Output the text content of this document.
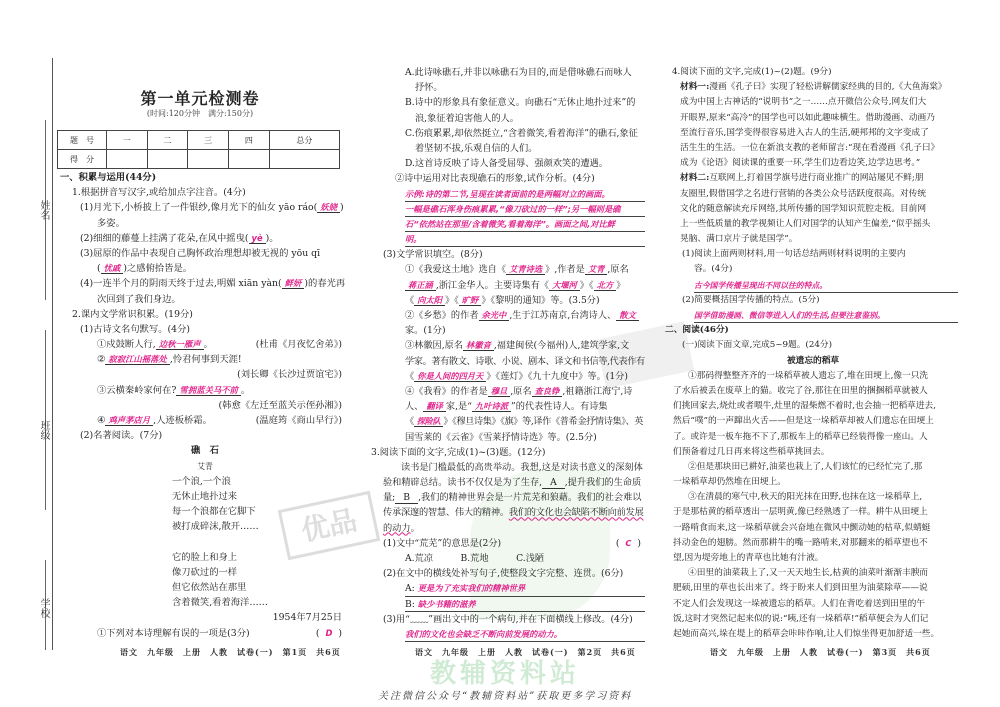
优品
姓名
班级
学校
第一单元检测卷
(时间:120分钟　满分:150分)
题　号	一	二	三	四	总分
得　分					
一、积累与运用(44分)
1.根据拼音写汉字,或给加点字注音。(4分)
(1)月光下,小桥披上了一件银纱,像月光下的仙女 yāo ráo( 妖娆 )
多姿。
(2)细细的藤蔓上挂满了花朵,在风中摇曳( yè )。
(3)屈原的作品中表现自己胸怀政治理想却被无视的 yōu qī
( 忧戚 )之感俯拾皆是。
(4)一连半个月的阴雨天终于过去,明媚 xiān yàn( 鲜妍 )的春光再
次回到了我们身边。
2.课内文学常识积累。(19分)
(1)古诗文名句默写。(4分)
①戍鼓断人行, 边秋一雁声 。	(杜甫《月夜忆舍弟》)
② 寂寂江山摇落处 ,怜君何事到天涯!
(刘长卿《长沙过贾谊宅》)
③云横秦岭家何在? 雪拥蓝关马不前 。
(韩愈《左迁至蓝关示侄孙湘》)
④ 鸡声茅店月 ,人迹板桥霜。	(温庭筠《商山早行》)
(2)名著阅读。(7分)
礁　石
艾青
一个浪,一个浪
无休止地扑过来
每一个浪都在它脚下
被打成碎沫,散开……
它的脸上和身上
像刀砍过的一样
但它依然站在那里
含着微笑,看着海洋……
1954年7月25日
①下列对本诗理解有误的一项是(3分)	( D )
A.此诗咏礁石,并非以咏礁石为目的,而是借咏礁石而咏人
抒怀。
B.诗中的形象具有象征意义。向礁石“无休止地扑过来”的
浪,象征着迫害他人的人。
C.伤痕累累,却依然挺立,“含着微笑,看着海洋”的礁石,象征
着坚韧不拔,乐观自信的人们。
D.这首诗反映了诗人备受屈辱、强颜欢笑的遭遇。
②诗中运用对比表现礁石的形象,试作分析。(4分)
示例:诗的第二节,呈现在读者面前的是两幅对立的画面。
一幅是礁石浑身伤痕累累,“像刀砍过的一样”;另一幅则是礁
石“依然站在那里/含着微笑,看着海洋”。画面之间,对比鲜
明。
(3)文学常识填空。(8分)
①《我爱这土地》选自《 艾青诗选 》,作者是 艾青 ,原名
蒋正涵 ,浙江金华人。主要诗集有《 大堰河 》《 北方 》
《 向太阳 》《 旷野 》《黎明的通知》等。(3.5分)
②《乡愁》的作者 余光中 ,生于江苏南京,台湾诗人、 散文
家。(1分)
③林徽因,原名 林徽音 ,福建闽侯(今福州)人,建筑学家,文
学家。著有散文、诗歌、小说、剧本、译文和书信等,代表作有
《 你是人间的四月天 》《莲灯》《九十九度中》等。(1分)
④《我看》的作者是 穆旦 ,原名 查良铮 ,祖籍浙江海宁,诗
人、 翻译 家,是“ 九叶诗派 ”的代表性诗人。有诗集
《 探险队 》《穆旦诗集》《旗》等,译作《普希金抒情诗集》、英
国雪莱的《云雀》《雪莱抒情诗选》等。(2.5分)
3.阅读下面的文字,完成(1)~(3)题。(12分)
读书是门槛最低的高贵举动。我想,这是对读书意义的深刻体
验和精辟总结。读书不仅仅是为了生存, A ,提升我们的生命质
量; B ,我们的精神世界会是一片荒芜和狼藉。我们的社会难以
传承深邃的智慧、伟大的精神。我们的文化也会缺陷不断向前发展
的动力。
(1)文中“荒芜”的意思是(2分)	( C )
A.荒凉　　　B.荒地　　　C.浅陋
(2)在文中的横线处补写句子,使整段文字完整、连贯。(6分)
A: 更是为了充实我们的精神世界
B: 缺少书籍的滋养
(3)用“﹏﹏”画出文中的一个病句,并在下面横线上修改。(4分)
我们的文化也会缺乏不断向前发展的动力。
4.阅读下面的文字,完成(1)~(2)题。(9分)
材料一:漫画《孔子曰》实现了轻松讲解儒家经典的目的,《大鱼海棠》
成为中国上古神话的“说明书”之一……点开微信公众号,网友们大
开眼界,原来“高冷”的国学也可以如此趣味横生。借助漫画、动画乃
至流行音乐,国学变得很容易进入古人的生活,硬邦邦的文字变成了
活生生的生活。一位在新浪支教的老师留言:“现在看漫画《孔子曰》
成为《论语》阅读课的重要一环,学生们边看边笑,边学边思考。”
材料二:互联网上,打着国学旗号进行商业推广的网站屡见不鲜;朋
友圈里,假借国学之名进行营销的各类公众号活跃度很高。对传统
文化的随意解读充斥网络,其所传播的国学知识荒腔走板。目前网
上一些低质量的教学视频让人们对国学的认知产生偏差,“似乎摇头
晃脑、满口京片子就是国学”。
(1)阅读上面两则材料,用一句话总结两则材料说明的主要内
容。(4分)
古今国学传播呈现出不同以往的特点。
(2)简要概括国学传播的特点。(5分)
国学借助漫画、微信等进入人们的生活,但要注意鉴别。
二、阅读(46分)
(一)阅读下面文章,完成5~9题。(24分)
被遗忘的稻草
①那码得整整齐齐的一垛稻草被人遗忘了,堆在田埂上,像一只洗
了水后被丢在废草上的猫。收完了谷,那往在田里的捆捆稻草就被人
们挑回家去,烧灶或者喂牛,灶里的湿柴燃不着时,也会抽一把稻草进去,
然后“噗”的一声蹿出火舌——但是这一垛稻草却被人们遗忘在田埂上
了。或许是一板车拖不下了,那板车上的稻草已经装得像一座山。人
们预备着过几日再来将这些稻草挑回去。
②但是那块田已耕好,油菜也栽上了,人们该忙的已经忙完了,那
一垛稻草却仍然堆在田埂上。
③在清晨的寒气中,秋天的阳光抹在田野,也抹在这一垛稻草上,
于是那枯黄的稻草透出一层明黄,像已经熟透了一样。耕牛从田埂上
一路啃食而来,这一垛稻草就会兴奋地在微风中颤动她的枯草,似蜻蜓
抖动金色的翅膀。然而那耕牛的嘴一路啃来,对那翻来的稻草望也不
望,因为堤旁地上的青草也比她有汁液。
④田里的油菜栽上了,又一天天地生长,枯黄的油菜叶渐渐丰腴而
肥硕,田里的草也长出来了。终于盼来人们到田里为油菜除草——说
不定人们会发现这一垛被遗忘的稻草。人们在背吃着送到田里的午
饭,这时才突然记起来似的说:“咦,还有一垛稻草!”稻草便会为人们记
起她而高兴,垛在堤上的稻草会咔咔作响,让人们惊坐得更加舒适一些。
语文　九年级　上册　人教　试卷(一)　第1页　共6页	语文　九年级　上册　人教　试卷(一)　第2页　共6页	语文　九年级　上册　人教　试卷(一)　第3页　共6页
教辅资料站
关注微信公众号“教辅资料站”获取更多学习资料
